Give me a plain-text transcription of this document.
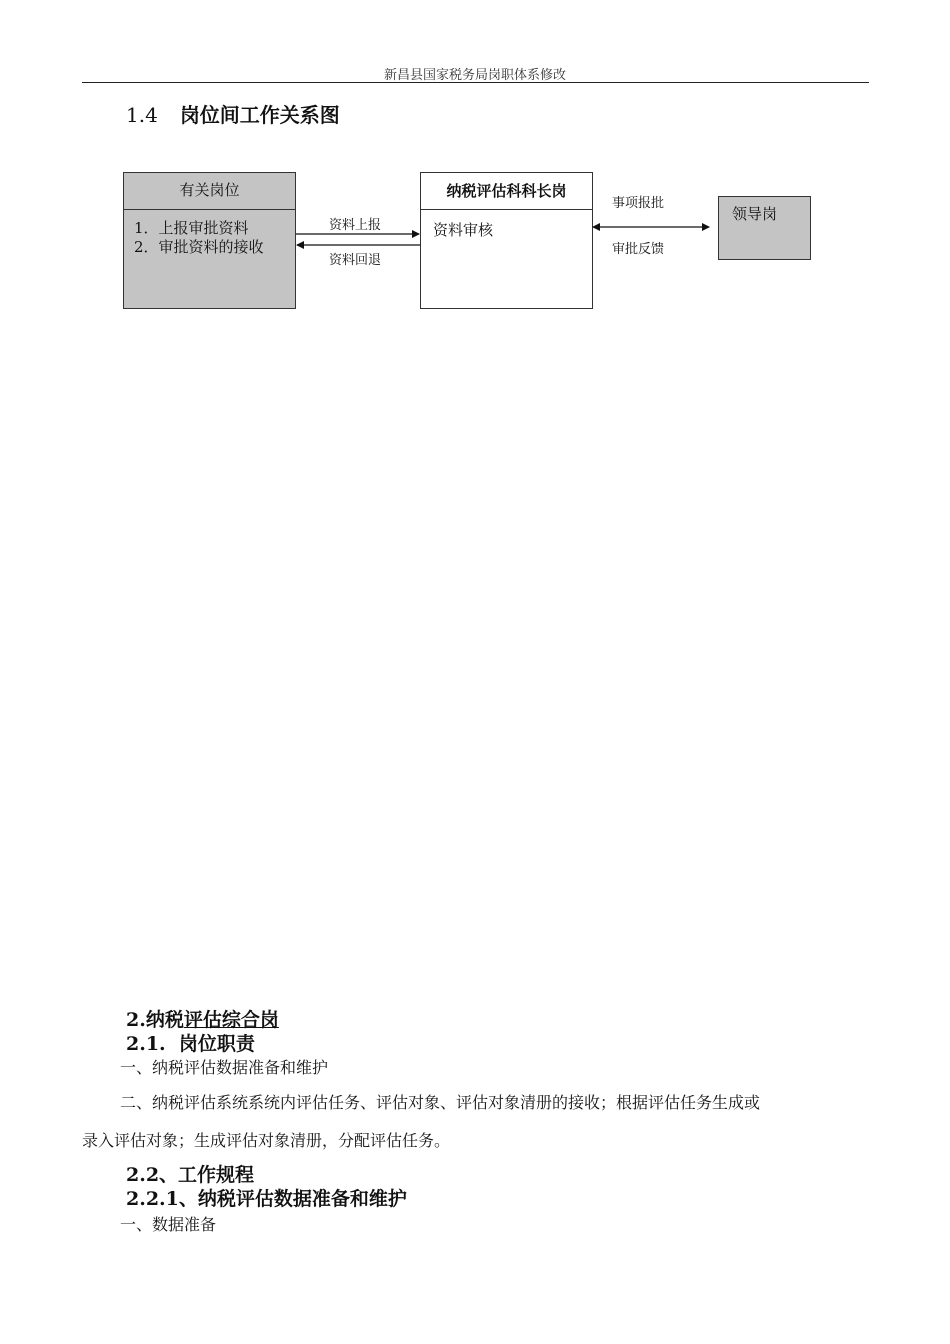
新昌县国家税务局岗职体系修改
1.4 岗位间工作关系图
有关岗位
1．上报审批资料
2．审批资料的接收
纳税评估科科长岗
资料审核
领导岗
资料上报
资料回退
事项报批
审批反馈
2.纳税评估综合岗
2.1.  岗位职责
一、纳税评估数据准备和维护
二、纳税评估系统系统内评估任务、评估对象、评估对象清册的接收；根据评估任务生成或
录入评估对象；生成评估对象清册，分配评估任务。
2.2、工作规程
2.2.1、纳税评估数据准备和维护
一、数据准备
